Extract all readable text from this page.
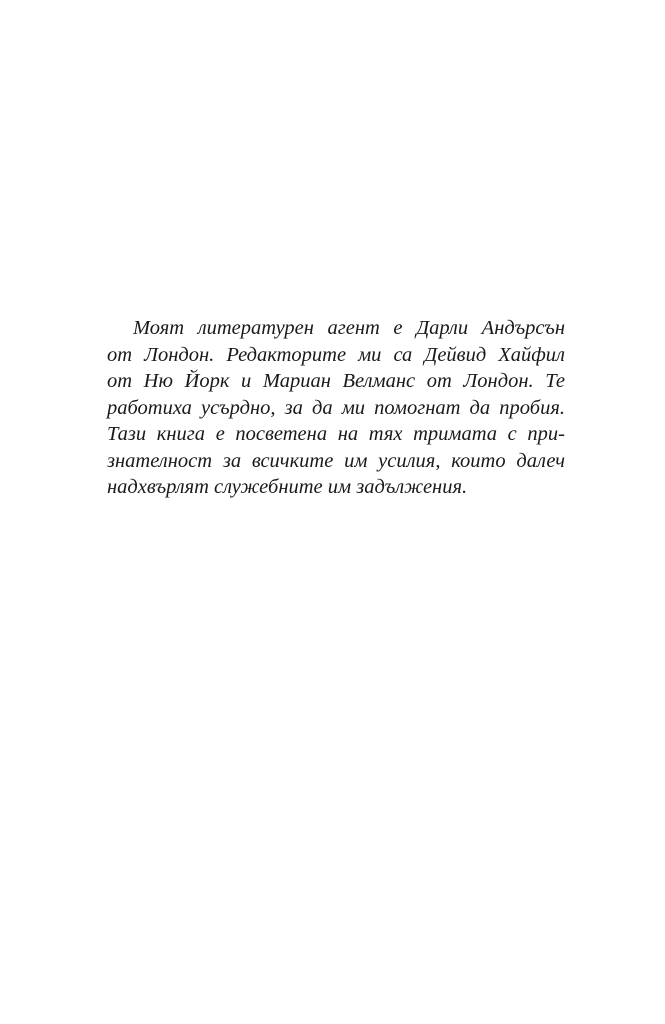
Моят литературен агент е Дарли Андърсън
от Лондон. Редакторите ми са Дейвид Хайфил
от Ню Йорк и Мариан Велманс от Лондон. Те
работиха усърдно, за да ми помогнат да пробия.
Тази книга е посветена на тях тримата с при-
знателност за всичките им усилия, които далеч
надхвърлят служебните им задължения.
